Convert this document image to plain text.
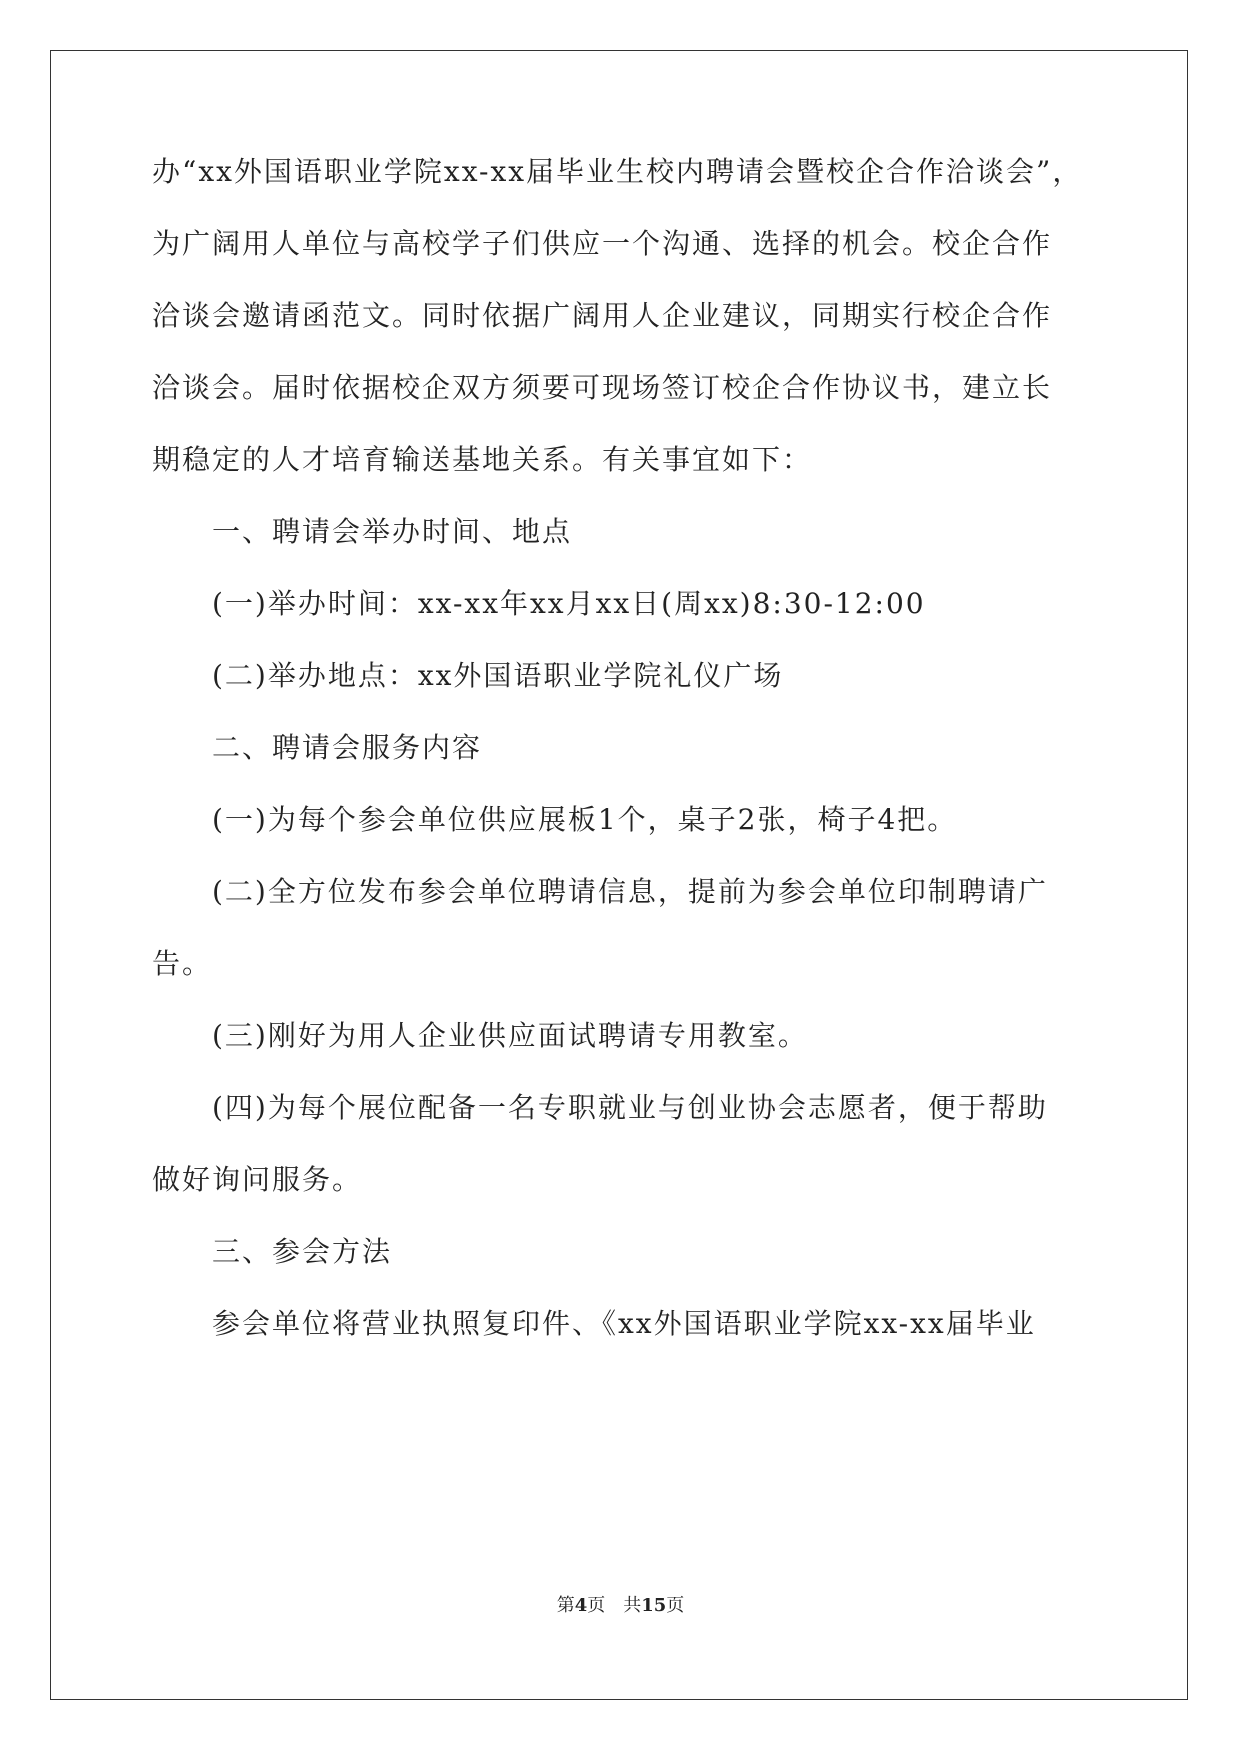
办“xx外国语职业学院xx-xx届毕业生校内聘请会暨校企合作洽谈会”，
为广阔用人单位与高校学子们供应一个沟通、选择的机会。校企合作
洽谈会邀请函范文。同时依据广阔用人企业建议，同期实行校企合作
洽谈会。届时依据校企双方须要可现场签订校企合作协议书，建立长
期稳定的人才培育输送基地关系。有关事宜如下：
一、聘请会举办时间、地点
(一)举办时间：xx-xx年xx月xx日(周xx)8:30-12:00
(二)举办地点：xx外国语职业学院礼仪广场
二、聘请会服务内容
(一)为每个参会单位供应展板1个，桌子2张，椅子4把。
(二)全方位发布参会单位聘请信息，提前为参会单位印制聘请广
告。
(三)刚好为用人企业供应面试聘请专用教室。
(四)为每个展位配备一名专职就业与创业协会志愿者，便于帮助
做好询问服务。
三、参会方法
参会单位将营业执照复印件、《xx外国语职业学院xx-xx届毕业
第4页 共15页
